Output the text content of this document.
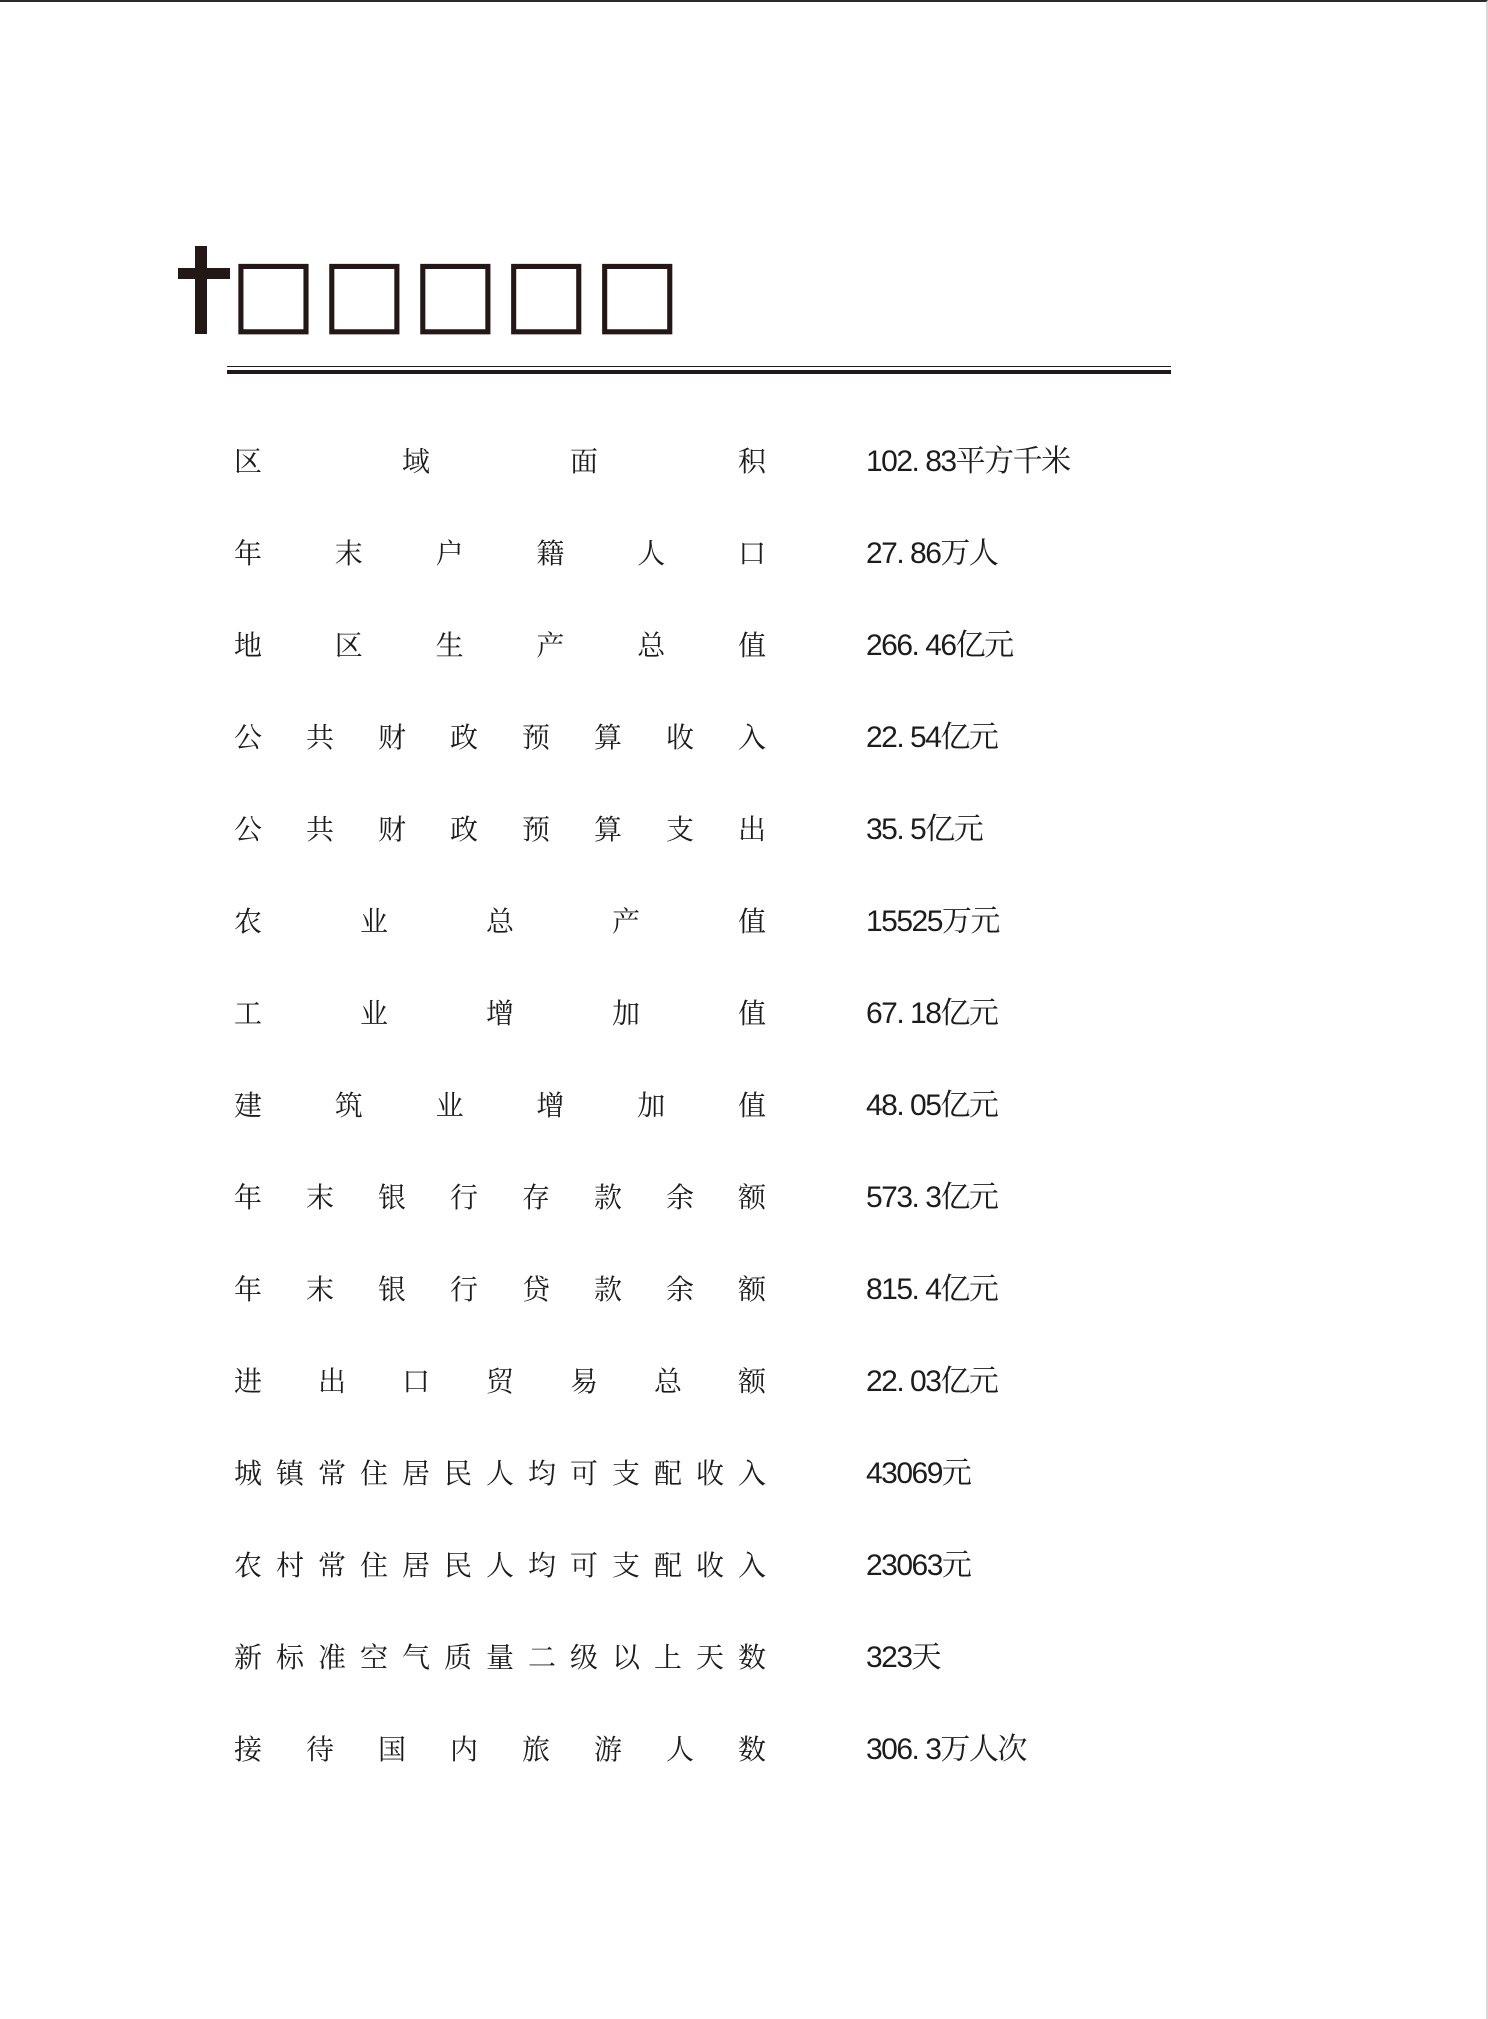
□□□□□
区域面积	102. 83平方千米
年末户籍人口	27. 86万人
地区生产总值	266. 46亿元
公共财政预算收入	22. 54亿元
公共财政预算支出	35. 5亿元
农业总产值	15525万元
工业增加值	67. 18亿元
建筑业增加值	48. 05亿元
年末银行存款余额	573. 3亿元
年末银行贷款余额	815. 4亿元
进出口贸易总额	22. 03亿元
城镇常住居民人均可支配收入	43069元
农村常住居民人均可支配收入	23063元
新标准空气质量二级以上天数	323天
接待国内旅游人数	306. 3万人次
